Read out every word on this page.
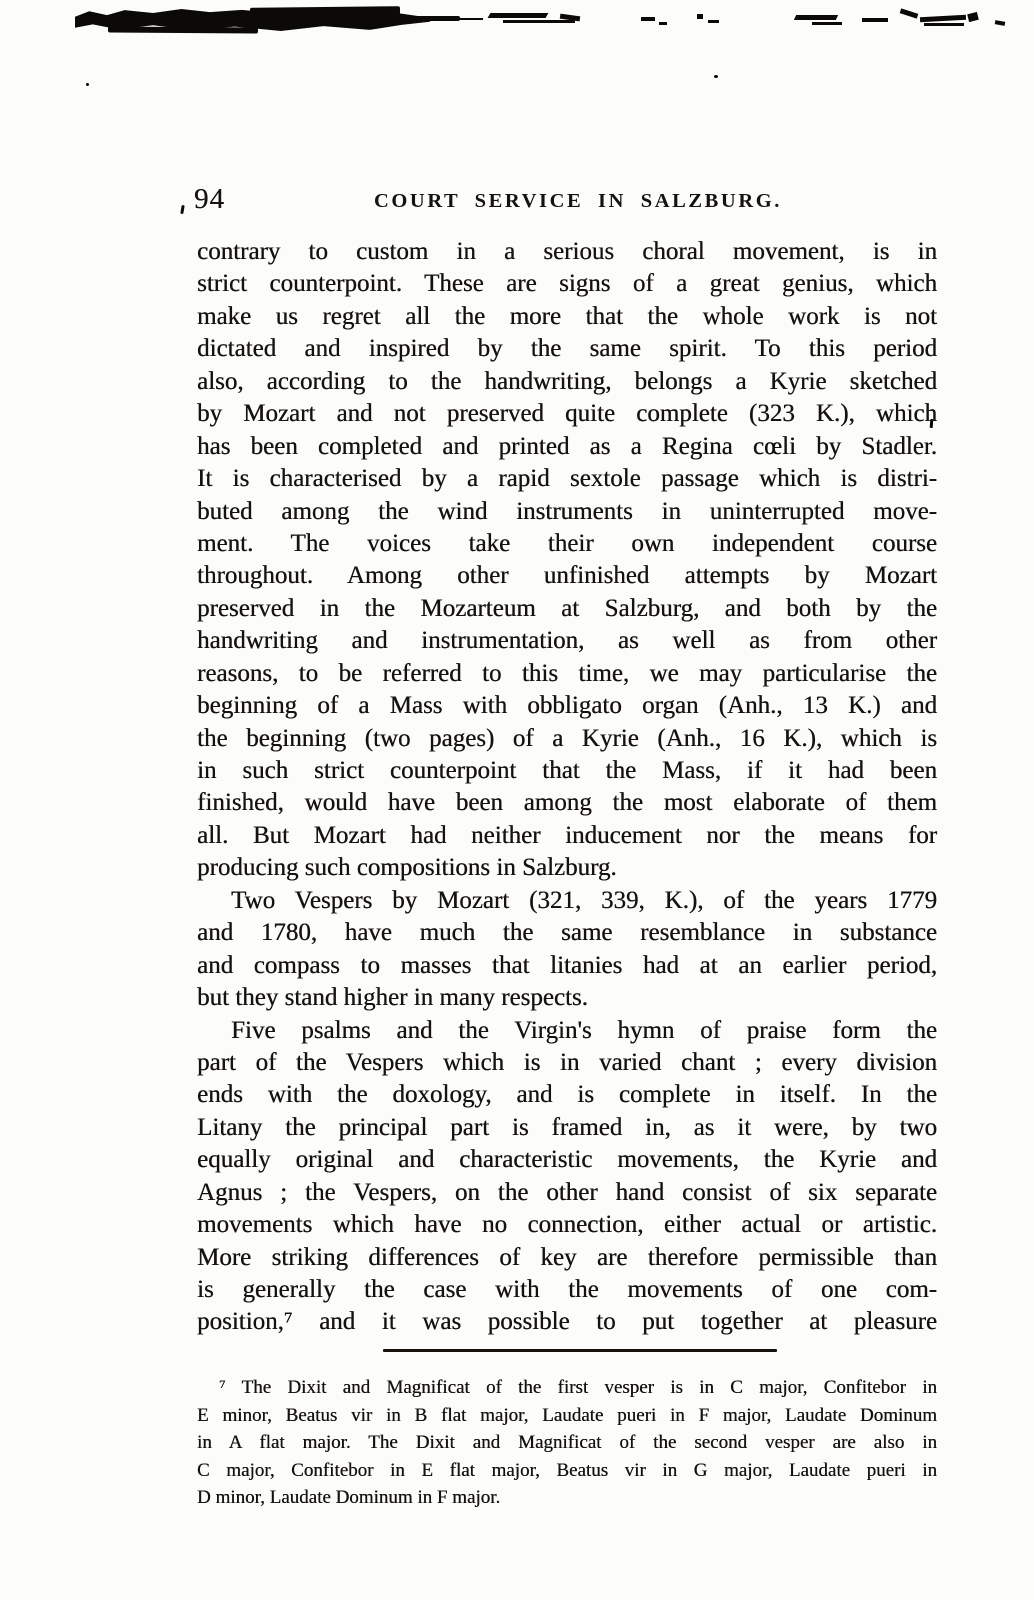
94	COURT SERVICE IN SALZBURG.
contrary to custom in a serious choral movement, is in
strict counterpoint. These are signs of a great genius, which
make us regret all the more that the whole work is not
dictated and inspired by the same spirit. To this period
also, according to the handwriting, belongs a Kyrie sketched
by Mozart and not preserved quite complete (323 K.), which
has been completed and printed as a Regina cœli by Stadler.
It is characterised by a rapid sextole passage which is distri-
buted among the wind instruments in uninterrupted move-
ment. The voices take their own independent course
throughout. Among other unfinished attempts by Mozart
preserved in the Mozarteum at Salzburg, and both by the
handwriting and instrumentation, as well as from other
reasons, to be referred to this time, we may particularise the
beginning of a Mass with obbligato organ (Anh., 13 K.) and
the beginning (two pages) of a Kyrie (Anh., 16 K.), which is
in such strict counterpoint that the Mass, if it had been
finished, would have been among the most elaborate of them
all. But Mozart had neither inducement nor the means for
producing such compositions in Salzburg.
Two Vespers by Mozart (321, 339, K.), of the years 1779
and 1780, have much the same resemblance in substance
and compass to masses that litanies had at an earlier period,
but they stand higher in many respects.
Five psalms and the Virgin's hymn of praise form the
part of the Vespers which is in varied chant ; every division
ends with the doxology, and is complete in itself. In the
Litany the principal part is framed in, as it were, by two
equally original and characteristic movements, the Kyrie and
Agnus ; the Vespers, on the other hand consist of six separate
movements which have no connection, either actual or artistic.
More striking differences of key are therefore permissible than
is generally the case with the movements of one com-
position,⁷ and it was possible to put together at pleasure
⁷ The Dixit and Magnificat of the first vesper is in C major, Confitebor in
E minor, Beatus vir in B flat major, Laudate pueri in F major, Laudate Dominum
in A flat major. The Dixit and Magnificat of the second vesper are also in
C major, Confitebor in E flat major, Beatus vir in G major, Laudate pueri in
D minor, Laudate Dominum in F major.
